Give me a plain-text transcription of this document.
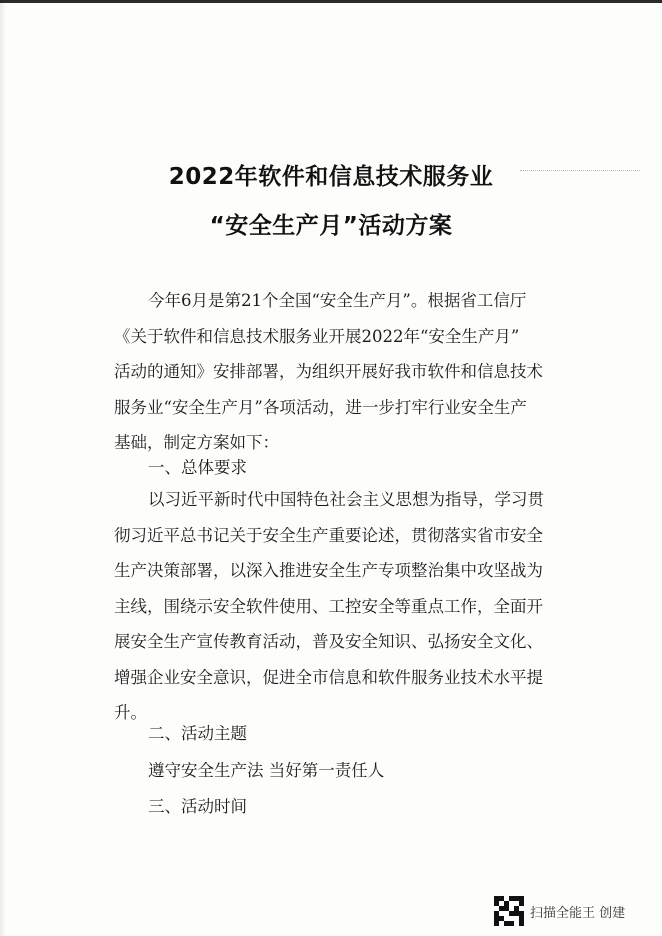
2022年软件和信息技术服务业
“安全生产月”活动方案
今年6月是第21个全国“安全生产月”。根据省工信厅
《关于软件和信息技术服务业开展2022年“安全生产月”
活动的通知》安排部署，为组织开展好我市软件和信息技术
服务业“安全生产月”各项活动，进一步打牢行业安全生产
基础，制定方案如下：
一、总体要求
以习近平新时代中国特色社会主义思想为指导，学习贯
彻习近平总书记关于安全生产重要论述，贯彻落实省市安全
生产决策部署，以深入推进安全生产专项整治集中攻坚战为
主线，围绕示安全软件使用、工控安全等重点工作，全面开
展安全生产宣传教育活动，普及安全知识、弘扬安全文化、
增强企业安全意识，促进全市信息和软件服务业技术水平提
升。
二、活动主题
遵守安全生产法 当好第一责任人
三、活动时间
扫描全能王 创建
